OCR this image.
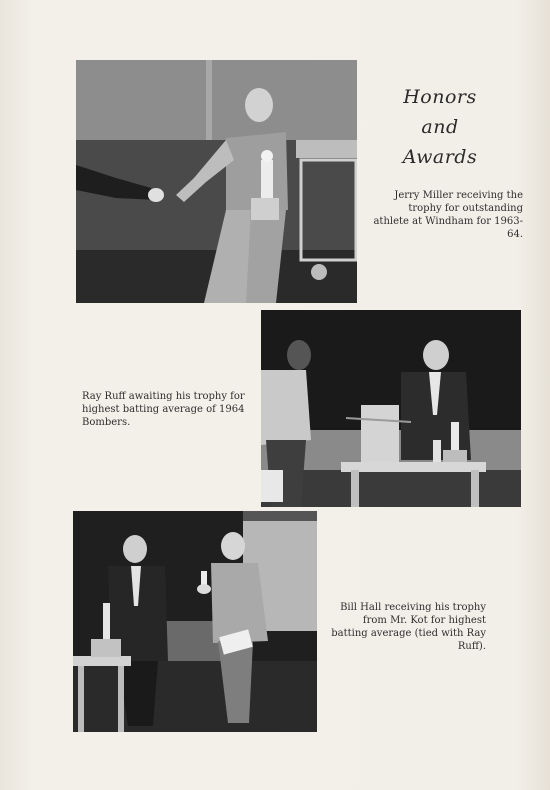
Honors
and
Awards
Jerry Miller receiving the trophy for outstanding athlete at Windham for 1963-64.
Ray Ruff awaiting his trophy for highest batting average of 1964 Bombers.
Bill Hall receiving his trophy from Mr. Kot for highest batting average (tied with Ray Ruff).
